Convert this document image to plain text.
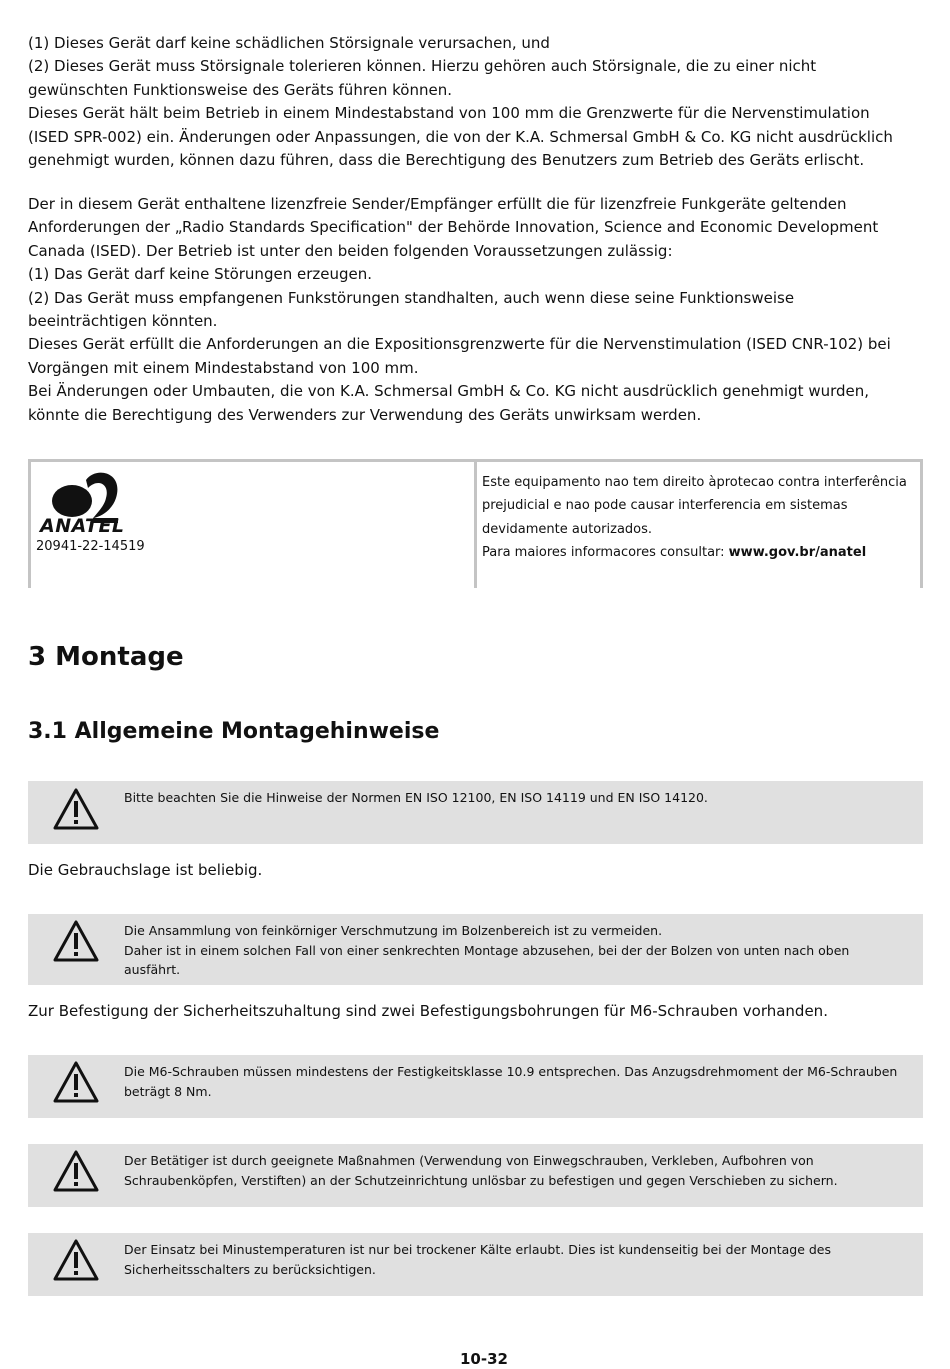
(1) Dieses Gerät darf keine schädlichen Störsignale verursachen, und

(2) Dieses Gerät muss Störsignale tolerieren können. Hierzu gehören auch Störsignale, die zu einer nicht

gewünschten Funktionsweise des Geräts führen können.

Dieses Gerät hält beim Betrieb in einem Mindestabstand von 100 mm die Grenzwerte für die Nervenstimulation

(ISED SPR-002) ein. Änderungen oder Anpassungen, die von der K.A. Schmersal GmbH & Co. KG nicht ausdrücklich

genehmigt wurden, können dazu führen, dass die Berechtigung des Benutzers zum Betrieb des Geräts erlischt.

Der in diesem Gerät enthaltene lizenzfreie Sender/Empfänger erfüllt die für lizenzfreie Funkgeräte geltenden

Anforderungen der „Radio Standards Specification" der Behörde Innovation, Science and Economic Development

Canada (ISED). Der Betrieb ist unter den beiden folgenden Voraussetzungen zulässig:

(1) Das Gerät darf keine Störungen erzeugen.

(2) Das Gerät muss empfangenen Funkstörungen standhalten, auch wenn diese seine Funktionsweise

beeinträchtigen könnten.

Dieses Gerät erfüllt die Anforderungen an die Expositionsgrenzwerte für die Nervenstimulation (ISED CNR-102) bei

Vorgängen mit einem Mindestabstand von 100 mm.

Bei Änderungen oder Umbauten, die von K.A. Schmersal GmbH & Co. KG nicht ausdrücklich genehmigt wurden,

könnte die Berechtigung des Verwenders zur Verwendung des Geräts unwirksam werden.

ANATEL
20941-22-14519
Este equipamento nao tem direito àprotecao contra interferência
prejudicial e nao pode causar interferencia em sistemas
devidamente autorizados.
Para maiores informacores consultar: www.gov.br/anatel
3 Montage
3.1 Allgemeine Montagehinweise
Bitte beachten Sie die Hinweise der Normen EN ISO 12100, EN ISO 14119 und EN ISO 14120.

Die Gebrauchslage ist beliebig.

Die Ansammlung von feinkörniger Verschmutzung im Bolzenbereich ist zu vermeiden.
Daher ist in einem solchen Fall von einer senkrechten Montage abzusehen, bei der der Bolzen von unten nach oben
ausfährt.

Zur Befestigung der Sicherheitszuhaltung sind zwei Befestigungsbohrungen für M6-Schrauben vorhanden.

Die M6-Schrauben müssen mindestens der Festigkeitsklasse 10.9 entsprechen. Das Anzugsdrehmoment der M6-Schrauben
beträgt 8 Nm.
Der Betätiger ist durch geeignete Maßnahmen (Verwendung von Einwegschrauben, Verkleben, Aufbohren von
Schraubenköpfen, Verstiften) an der Schutzeinrichtung unlösbar zu befestigen und gegen Verschieben zu sichern.
Der Einsatz bei Minustemperaturen ist nur bei trockener Kälte erlaubt. Dies ist kundenseitig bei der Montage des
Sicherheitsschalters zu berücksichtigen.
10-32
